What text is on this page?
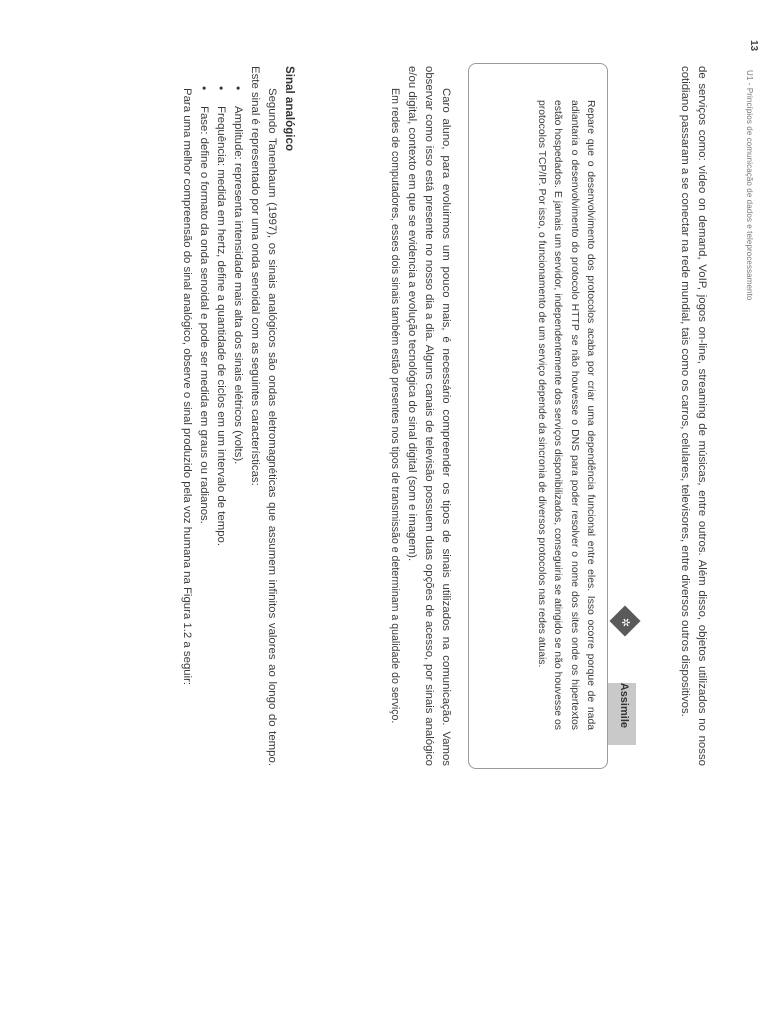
13
U1 - Princípios de comunicação de dados e teleprocessamento

de serviços como: vídeo on demand, VoIP, jogos on-line, streaming de músicas, entre outros. Além disso, objetos utilizados no nosso cotidiano passaram a se conectar na rede mundial, tais como os carros, celulares, televisores, entre diversos outros dispositivos.

✲
Assimile

Repare que o desenvolvimento dos protocolos acaba por criar uma dependência funcional entre eles. Isso ocorre porque de nada adiantaria o desenvolvimento do protocolo HTTP se não houvesse o DNS para poder resolver o nome dos sites onde os hipertextos estão hospedados. E jamais um servidor, independentemente dos serviços disponibilizados, conseguiria se atingido se não houvesse os protocolos TCP/IP. Por isso, o funcionamento de um serviço depende da sincronia de diversos protocolos nas redes atuais.

Caro aluno, para evoluirmos um pouco mais, é necessário compreender os tipos de sinais utilizados na comunicação. Vamos observar como isso está presente no nosso dia a dia. Alguns canais de televisão possuem duas opções de acesso, por sinais analógico e/ou digital, contexto em que se evidencia a evolução tecnológica do sinal digital (som e imagem).

Em redes de computadores, esses dois sinais também estão presentes nos tipos de transmissão e determinam a qualidade do serviço.

Sinal analógico

Segundo Tanenbaum (1997), os sinais analógicos são ondas eletromagnéticas que assumem infinitos valores ao longo do tempo. Este sinal é representado por uma onda senoidal com as seguintes características:

• Amplitude: representa intensidade mais alta dos sinais elétricos (volts).
• Frequência: medida em hertz, define a quantidade de ciclos em um intervalo de tempo.
• Fase: define o formato da onda senoidal e pode ser medida em graus ou radianos.

Para uma melhor compreensão do sinal analógico, observe o sinal produzido pela voz humana na Figura 1.2 a seguir:
